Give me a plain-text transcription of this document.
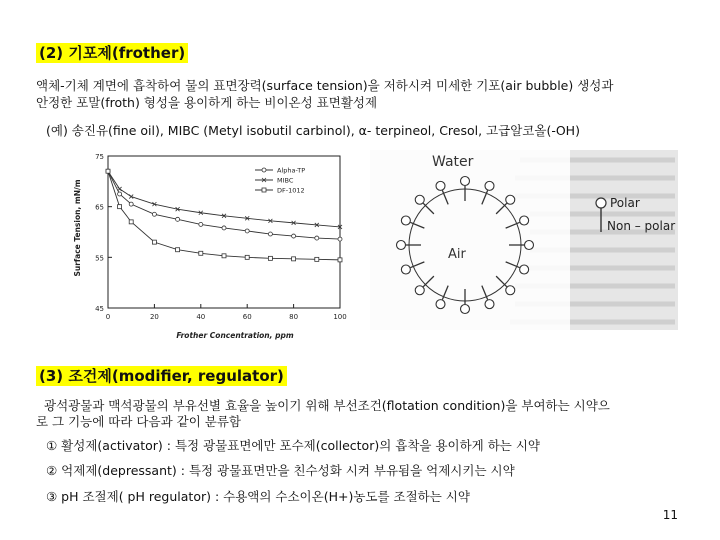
(2) 기포제(frother)
액체-기체 계면에 흡착하여 물의 표면장력(surface tension)을 저하시켜 미세한 기포(air bubble) 생성과
안정한 포말(froth) 형성을 용이하게 하는 비이온성 표면활성제
(예) 송진유(fine oil), MIBC (Metyl isobutil carbinol), α- terpineol, Cresol, 고급알코올(-OH)
45
55
65
75
0	20	40	60	80	100
Alpha-TP
MIBC
DF-1012
Frother Concentration, ppm
Surface Tension, mN/m
Water
Air
Polar
Non – polar
(3) 조건제(modifier, regulator)
광석광물과 맥석광물의 부유선별 효율을 높이기 위해 부선조건(flotation condition)을 부여하는 시약으
로 그 기능에 따라 다음과 같이 분류함
① 활성제(activator) : 특정 광물표면에만 포수제(collector)의 흡착을 용이하게 하는 시약
② 억제제(depressant) : 특정 광물표면만을 친수성화 시켜 부유됨을 억제시키는 시약
③ pH 조절제( pH regulator) : 수용액의 수소이온(H+)농도를 조절하는 시약
11
